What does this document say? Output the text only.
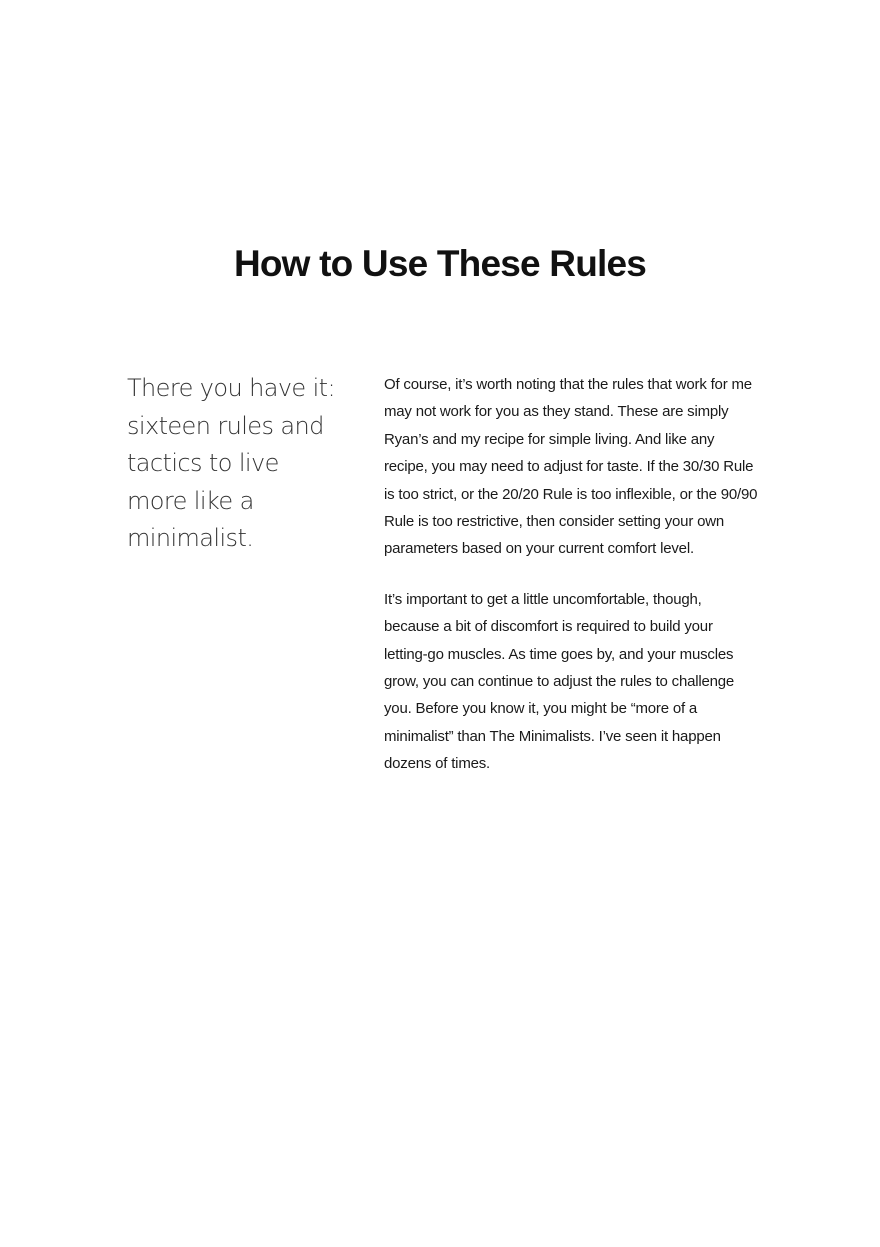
How to Use These Rules

There you have it: sixteen rules and tactics to live more like a minimalist.

Of course, it’s worth noting that the rules that work for me may not work for you as they stand. These are simply Ryan’s and my recipe for simple living. And like any recipe, you may need to adjust for taste. If the 30/30 Rule is too strict, or the 20/20 Rule is too inflexible, or the 90/90 Rule is too restrictive, then consider setting your own parameters based on your current comfort level.

It’s important to get a little uncomfortable, though, because a bit of discomfort is required to build your letting-go muscles. As time goes by, and your muscles grow, you can continue to adjust the rules to challenge you. Before you know it, you might be “more of a minimalist” than The Minimalists. I’ve seen it happen dozens of times.
